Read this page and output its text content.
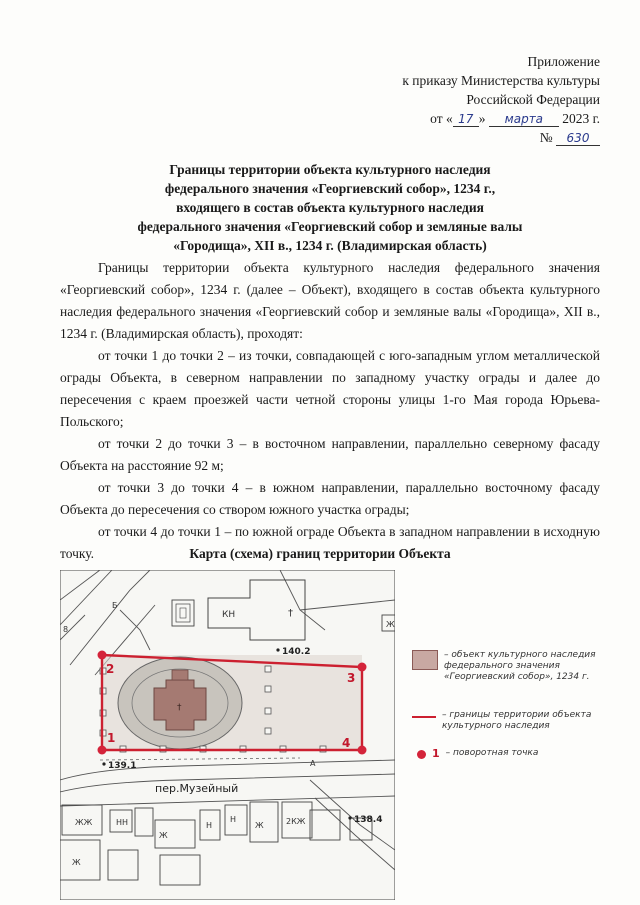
Приложение
к приказу Министерства культуры
Российской Федерации
от « 17 » марта 2023 г.
№ 630
Границы территории объекта культурного наследия
федерального значения «Георгиевский собор», 1234 г.,
входящего в состав объекта культурного наследия
федерального значения «Георгиевский собор и земляные валы
«Городища», XII в., 1234 г. (Владимирская область)

Границы территории объекта культурного наследия федерального значения «Георгиевский собор», 1234 г. (далее – Объект), входящего в состав объекта культурного наследия федерального значения «Георгиевский собор и земляные валы «Городища», XII в., 1234 г. (Владимирская область), проходят:

от точки 1 до точки 2 – из точки, совпадающей с юго-западным углом металлической ограды Объекта, в северном направлении по западному участку ограды и далее до пересечения с краем проезжей части четной стороны улицы 1-го Мая города Юрьева-Польского;

от точки 2 до точки 3 – в восточном направлении, параллельно северному фасаду Объекта на расстояние 92 м;

от точки 3 до точки 4 – в южном направлении, параллельно восточному фасаду Объекта до пересечения со створом южного участка ограды;

от точки 4 до точки 1 – по южной ограде Объекта в западном направлении в исходную точку.	Карта (схема) границ территории Объекта
КН	†
†
1
2
3
4
140.2
139.1
138.4
8
Б
Ж
А
ЖЖ	НН
Ж
Н
Н
Ж	2КЖ
Ж
пер.Музейный
– объект культурного наследия федерального значения «Георгиевский собор», 1234 г.
– границы территории объекта культурного наследия
1 – поворотная точка
